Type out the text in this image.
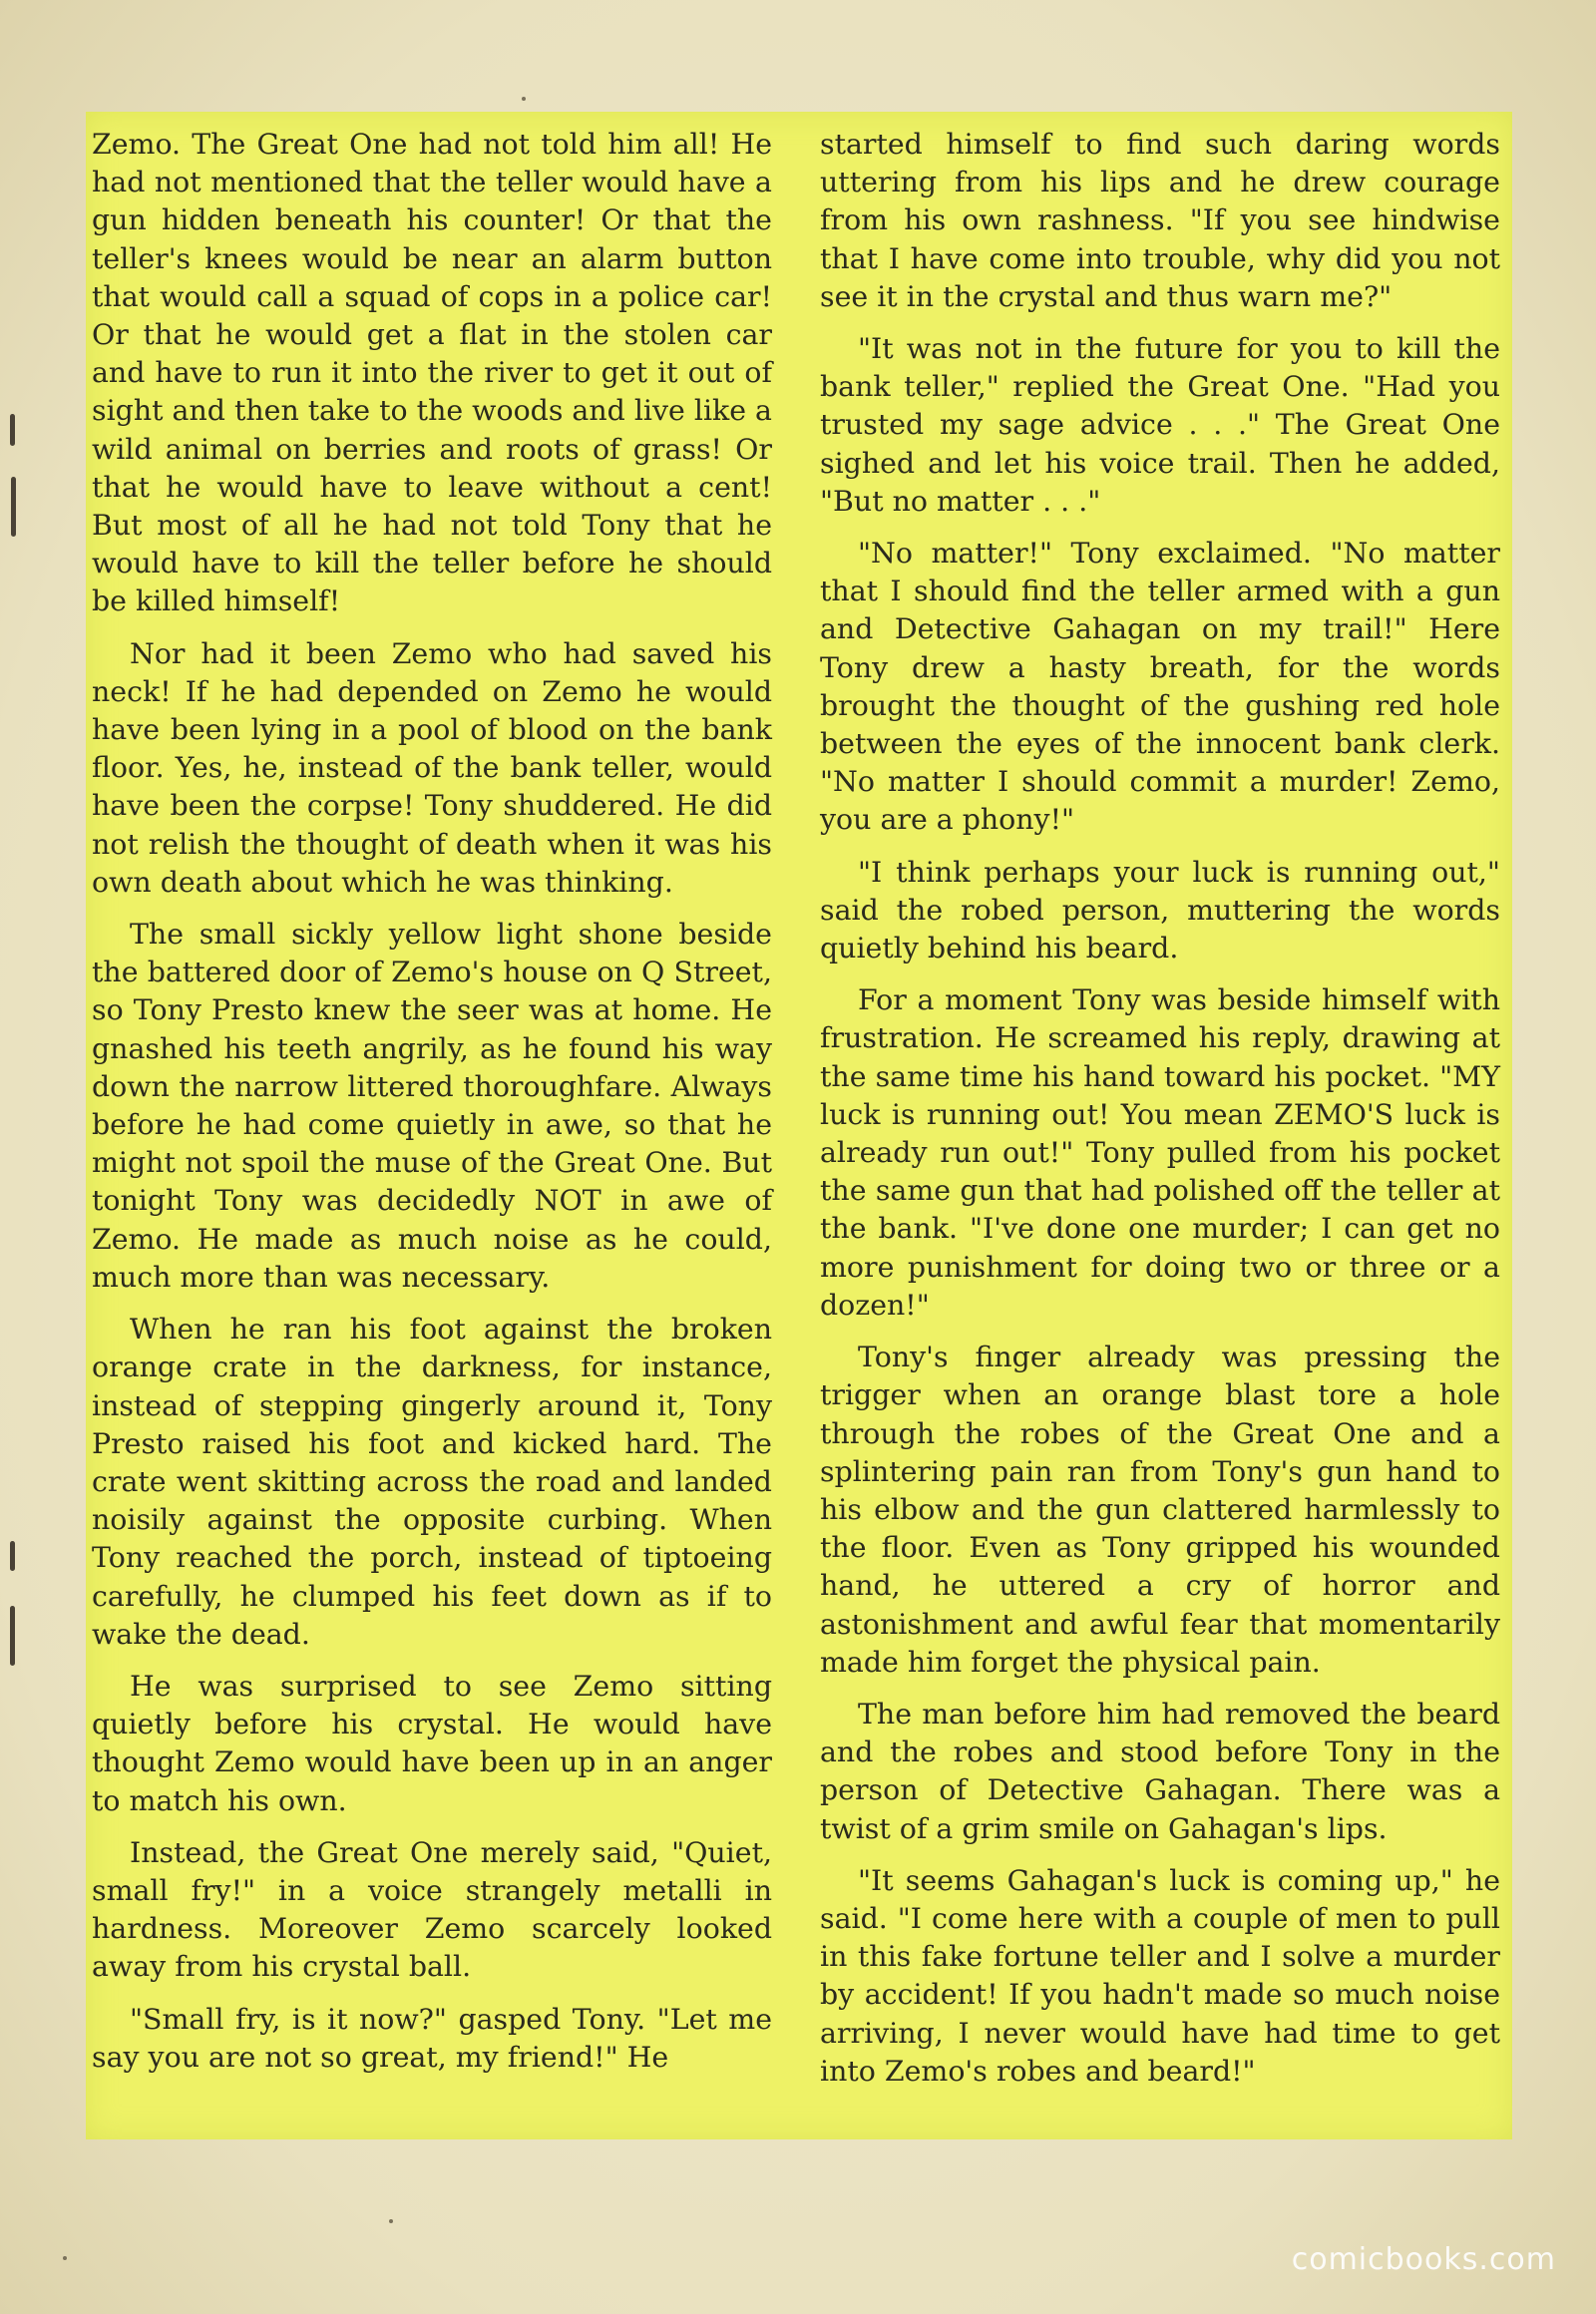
Zemo. The Great One had not told him all! He had not mentioned that the teller would have a gun hidden beneath his counter! Or that the teller's knees would be near an alarm button that would call a squad of cops in a police car! Or that he would get a flat in the stolen car and have to run it into the river to get it out of sight and then take to the woods and live like a wild animal on berries and roots of grass! Or that he would have to leave without a cent! But most of all he had not told Tony that he would have to kill the teller before he should be killed himself!

Nor had it been Zemo who had saved his neck! If he had depended on Zemo he would have been lying in a pool of blood on the bank floor. Yes, he, instead of the bank teller, would have been the corpse! Tony shuddered. He did not relish the thought of death when it was his own death about which he was thinking.

The small sickly yellow light shone beside the battered door of Zemo's house on Q Street, so Tony Presto knew the seer was at home. He gnashed his teeth angrily, as he found his way down the narrow littered thoroughfare. Always before he had come quietly in awe, so that he might not spoil the muse of the Great One. But tonight Tony was decidedly NOT in awe of Zemo. He made as much noise as he could, much more than was necessary.

When he ran his foot against the broken orange crate in the darkness, for instance, instead of stepping gingerly around it, Tony Presto raised his foot and kicked hard. The crate went skitting across the road and landed noisily against the opposite curbing. When Tony reached the porch, instead of tiptoeing carefully, he clumped his feet down as if to wake the dead.

He was surprised to see Zemo sitting quietly before his crystal. He would have thought Zemo would have been up in an anger to match his own.

Instead, the Great One merely said, "Quiet, small fry!" in a voice strangely metalli in hardness. Moreover Zemo scarcely looked away from his crystal ball.

"Small fry, is it now?" gasped Tony. "Let me say you are not so great, my friend!" He

started himself to find such daring words uttering from his lips and he drew courage from his own rashness. "If you see hindwise that I have come into trouble, why did you not see it in the crystal and thus warn me?"

"It was not in the future for you to kill the bank teller," replied the Great One. "Had you trusted my sage advice . . ." The Great One sighed and let his voice trail. Then he added, "But no matter . . ."

"No matter!" Tony exclaimed. "No matter that I should find the teller armed with a gun and Detective Gahagan on my trail!" Here Tony drew a hasty breath, for the words brought the thought of the gushing red hole between the eyes of the innocent bank clerk. "No matter I should commit a murder! Zemo, you are a phony!"

"I think perhaps your luck is running out," said the robed person, muttering the words quietly behind his beard.

For a moment Tony was beside himself with frustration. He screamed his reply, drawing at the same time his hand toward his pocket. "MY luck is running out! You mean ZEMO'S luck is already run out!" Tony pulled from his pocket the same gun that had polished off the teller at the bank. "I've done one murder; I can get no more punishment for doing two or three or a dozen!"

Tony's finger already was pressing the trigger when an orange blast tore a hole through the robes of the Great One and a splintering pain ran from Tony's gun hand to his elbow and the gun clattered harmlessly to the floor. Even as Tony gripped his wounded hand, he uttered a cry of horror and astonishment and awful fear that momentarily made him forget the physical pain.

The man before him had removed the beard and the robes and stood before Tony in the person of Detective Gahagan. There was a twist of a grim smile on Gahagan's lips.

"It seems Gahagan's luck is coming up," he said. "I come here with a couple of men to pull in this fake fortune teller and I solve a murder by accident! If you hadn't made so much noise arriving, I never would have had time to get into Zemo's robes and beard!"

comicbooks.com
